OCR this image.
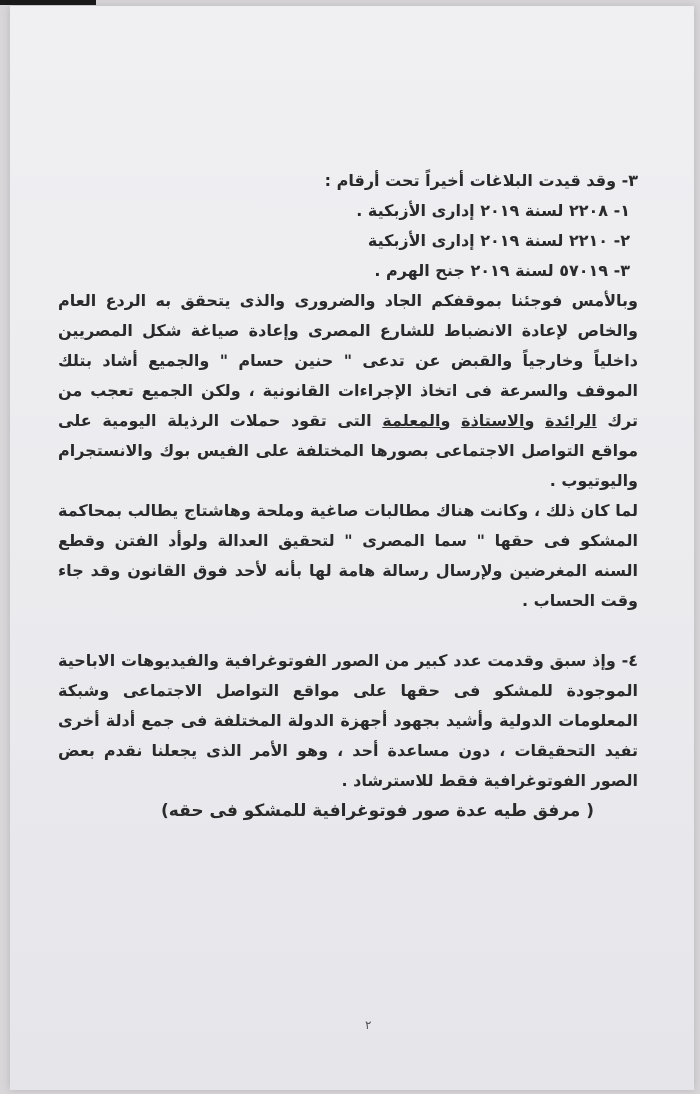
٣- وقد قيدت البلاغات أخيراً تحت أرقام :

١- ٢٢٠٨ لسنة ٢٠١٩ إدارى الأزبكية .
٢- ٢٢١٠ لسنة ٢٠١٩ إدارى الأزبكية
٣- ٥٧٠١٩ لسنة ٢٠١٩ جنح الهرم .

وبالأمس فوجئنا بموقفكم الجاد والضرورى والذى يتحقق به الردع العام والخاص لإعادة الانضباط للشارع المصرى وإعادة صياغة شكل المصريين داخلياً وخارجياً والقبض عن تدعى " حنين حسام " والجميع أشاد بتلك الموقف والسرعة فى اتخاذ الإجراءات القانونية ، ولكن الجميع تعجب من ترك الرائدة والاستاذة والمعلمة التى تقود حملات الرذيلة اليومية على مواقع التواصل الاجتماعى بصورها المختلفة على الفيس بوك والانستجرام واليوتيوب .

لما كان ذلك ، وكانت هناك مطالبات صاغية وملحة وهاشتاج يطالب بمحاكمة المشكو فى حقها " سما المصرى " لتحقيق العدالة ولوأد الفتن وقطع السنه المغرضين ولإرسال رسالة هامة لها بأنه لأحد فوق القانون وقد جاء وقت الحساب .

٤- وإذ سبق وقدمت عدد كبير من الصور الفوتوغرافية والفيديوهات الاباحية الموجودة للمشكو فى حقها على مواقع التواصل الاجتماعى وشبكة المعلومات الدولية وأشيد بجهود أجهزة الدولة المختلفة فى جمع أدلة أخرى تفيد التحقيقات ، دون مساعدة أحد ، وهو الأمر الذى يجعلنا نقدم بعض الصور الفوتوغرافية فقط للاسترشاد .

( مرفق طيه عدة صور فوتوغرافية للمشكو فى حقه)

٢
